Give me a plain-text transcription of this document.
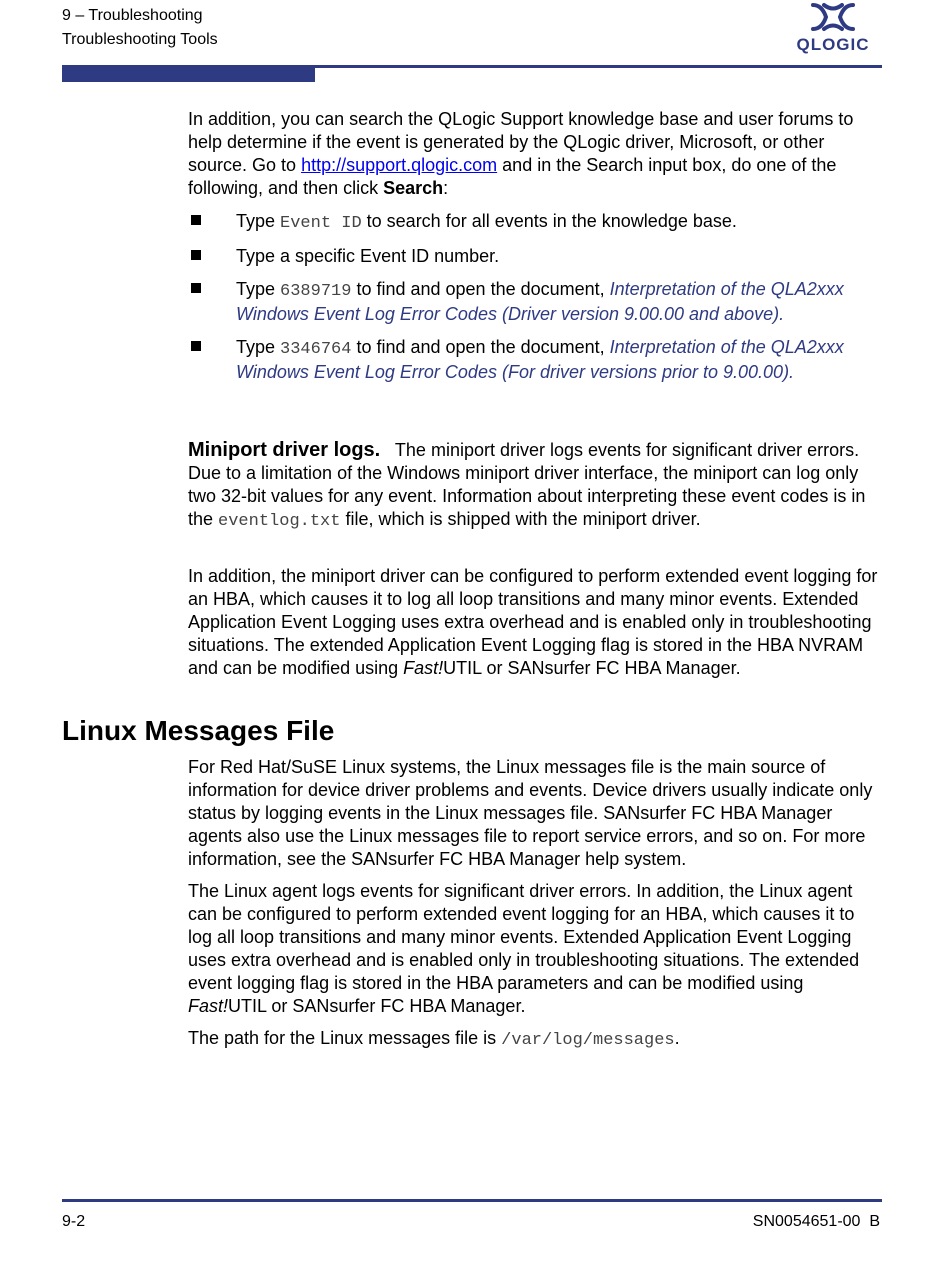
9 – Troubleshooting
Troubleshooting Tools	QLOGIC

In addition, you can search the QLogic Support knowledge base and user forums to help determine if the event is generated by the QLogic driver, Microsoft, or other source. Go to http://support.qlogic.com and in the Search input box, do one of the following, and then click Search:

Type Event ID to search for all events in the knowledge base.
Type a specific Event ID number.
Type 6389719 to find and open the document, Interpretation of the QLA2xxx Windows Event Log Error Codes (Driver version 9.00.00 and above).
Type 3346764 to find and open the document, Interpretation of the QLA2xxx Windows Event Log Error Codes (For driver versions prior to 9.00.00).

Miniport driver logs.   The miniport driver logs events for significant driver errors. Due to a limitation of the Windows miniport driver interface, the miniport can log only two 32-bit values for any event. Information about interpreting these event codes is in the eventlog.txt file, which is shipped with the miniport driver.

In addition, the miniport driver can be configured to perform extended event logging for an HBA, which causes it to log all loop transitions and many minor events. Extended Application Event Logging uses extra overhead and is enabled only in troubleshooting situations. The extended Application Event Logging flag is stored in the HBA NVRAM and can be modified using Fast!UTIL or SANsurfer FC HBA Manager.

Linux Messages File

For Red Hat/SuSE Linux systems, the Linux messages file is the main source of information for device driver problems and events. Device drivers usually indicate only status by logging events in the Linux messages file. SANsurfer FC HBA Manager agents also use the Linux messages file to report service errors, and so on. For more information, see the SANsurfer FC HBA Manager help system.

The Linux agent logs events for significant driver errors. In addition, the Linux agent can be configured to perform extended event logging for an HBA, which causes it to log all loop transitions and many minor events. Extended Application Event Logging uses extra overhead and is enabled only in troubleshooting situations. The extended event logging flag is stored in the HBA parameters and can be modified using Fast!UTIL or SANsurfer FC HBA Manager.

The path for the Linux messages file is /var/log/messages.

9-2	SN0054651-00  B
